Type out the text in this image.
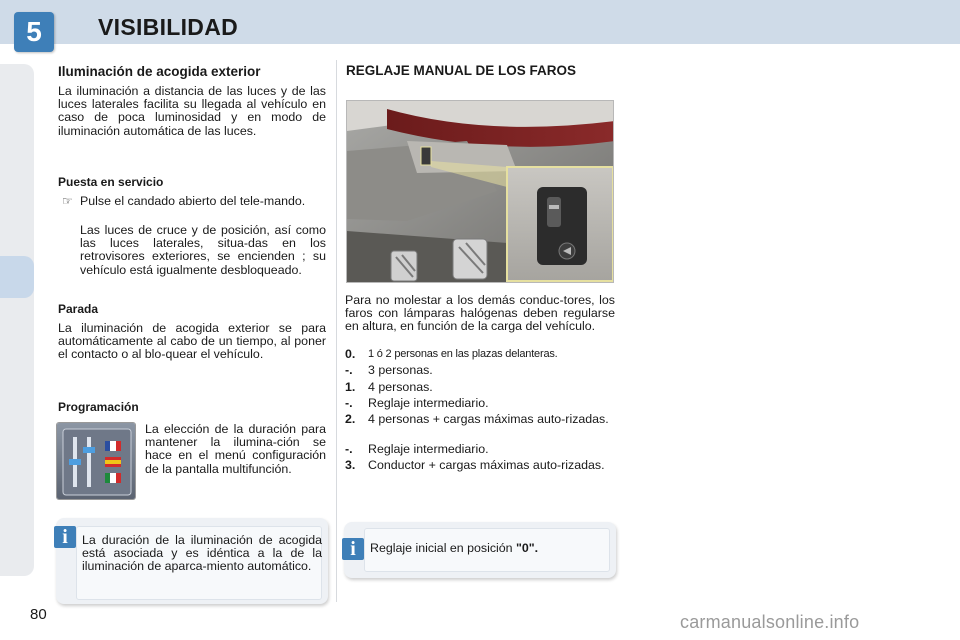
5	VISIBILIDAD
Iluminación de acogida exterior
La iluminación a distancia de las luces y de las luces laterales facilita su llegada al vehículo en caso de poca luminosidad y en modo de iluminación automática de las luces.
Puesta en servicio
☞ Pulse el candado abierto del tele-mando.
Las luces de cruce y de posición, así como las luces laterales, situa-das en los retrovisores exteriores, se encienden ; su vehículo está igualmente desbloqueado.
Parada
La iluminación de acogida exterior se para automáticamente al cabo de un tiempo, al poner el contacto o al blo-quear el vehículo.
Programación
La elección de la duración para mantener la ilumina-ción se hace en el menú configuración de la pantalla multifunción.
i	La duración de la iluminación de acogida está asociada y es idéntica a la de la iluminación de aparca-miento automático.
REGLAJE MANUAL DE LOS FAROS
Para no molestar a los demás conduc-tores, los faros con lámparas halógenas deben regularse en altura, en función de la carga del vehículo.
0. 1 ó 2 personas en las plazas delanteras.
-. 3 personas.
1. 4 personas.
-. Reglaje intermediario.
2. 4 personas + cargas máximas auto-rizadas.
-. Reglaje intermediario.
3. Conductor + cargas máximas auto-rizadas.
i	Reglaje inicial en posición "0".
80	carmanualsonline.info
